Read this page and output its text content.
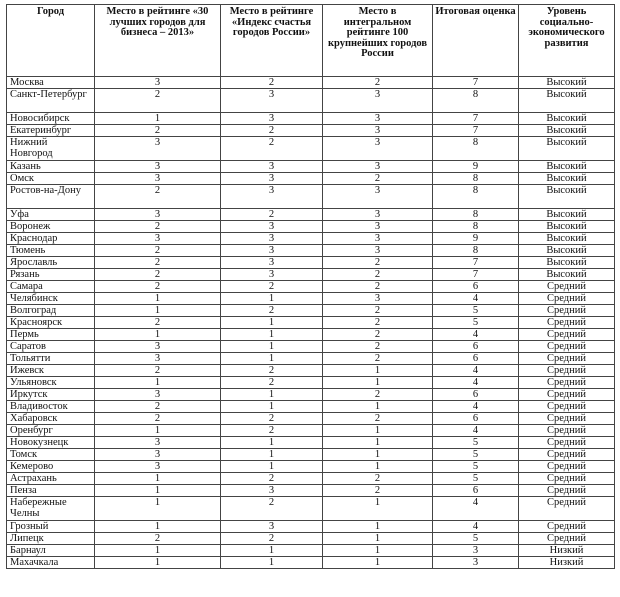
Город	Место в рейтинге «30 лучших городов для бизнеса – 2013»	Место в рейтинге «Индекс счастья городов России»	Место в интегральном рейтинге 100 крупнейших городов России	Итоговая оценка	Уровень социально-экономического развития
Москва	3	2	2	7	Высокий
Санкт-Петербург	2	3	3	8	Высокий
Новосибирск	1	3	3	7	Высокий
Екатеринбург	2	2	3	7	Высокий
Нижний Новгород	3	2	3	8	Высокий
Казань	3	3	3	9	Высокий
Омск	3	3	2	8	Высокий
Ростов-на-Дону	2	3	3	8	Высокий
Уфа	3	2	3	8	Высокий
Воронеж	2	3	3	8	Высокий
Краснодар	3	3	3	9	Высокий
Тюмень	2	3	3	8	Высокий
Ярославль	2	3	2	7	Высокий
Рязань	2	3	2	7	Высокий
Самара	2	2	2	6	Средний
Челябинск	1	1	3	4	Средний
Волгоград	1	2	2	5	Средний
Красноярск	2	1	2	5	Средний
Пермь	1	1	2	4	Средний
Саратов	3	1	2	6	Средний
Тольятти	3	1	2	6	Средний
Ижевск	2	2	1	4	Средний
Ульяновск	1	2	1	4	Средний
Иркутск	3	1	2	6	Средний
Владивосток	2	1	1	4	Средний
Хабаровск	2	2	2	6	Средний
Оренбург	1	2	1	4	Средний
Новокузнецк	3	1	1	5	Средний
Томск	3	1	1	5	Средний
Кемерово	3	1	1	5	Средний
Астрахань	1	2	2	5	Средний
Пенза	1	3	2	6	Средний
Набережные Челны	1	2	1	4	Средний
Грозный	1	3	1	4	Средний
Липецк	2	2	1	5	Средний
Барнаул	1	1	1	3	Низкий
Махачкала	1	1	1	3	Низкий
